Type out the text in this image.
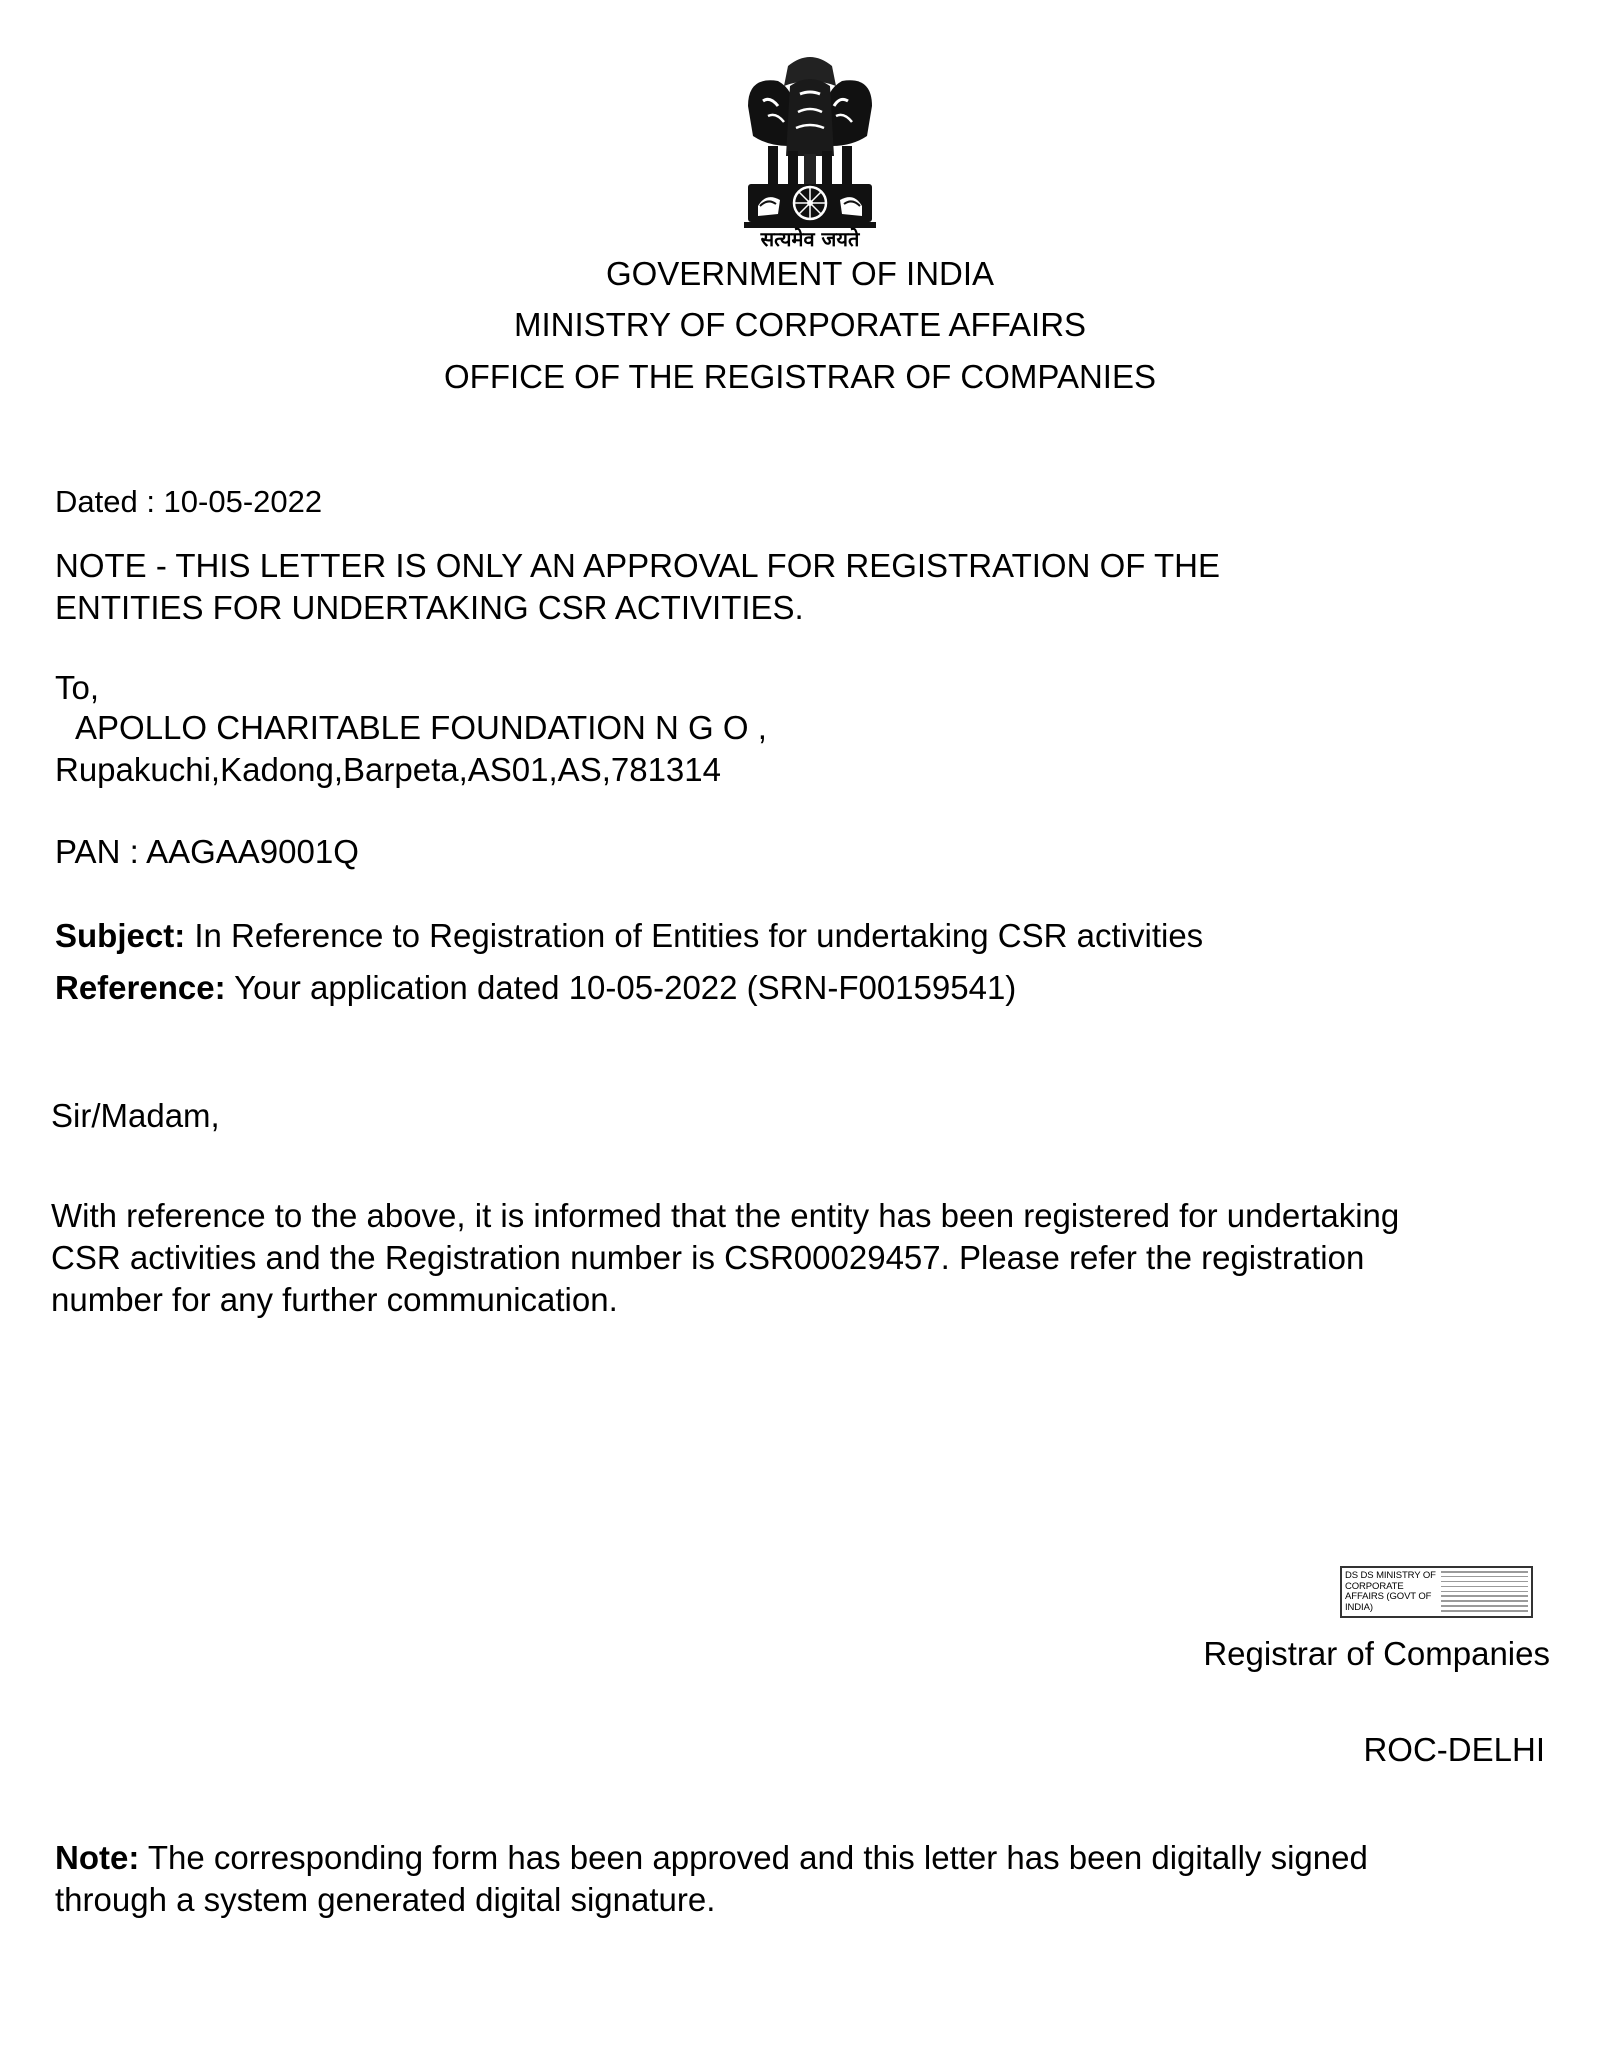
सत्यमेव जयते
GOVERNMENT OF INDIA
MINISTRY OF CORPORATE AFFAIRS
OFFICE OF THE REGISTRAR OF COMPANIES
Dated : 10-05-2022
NOTE - THIS LETTER IS ONLY AN APPROVAL FOR REGISTRATION OF THE
ENTITIES FOR UNDERTAKING CSR ACTIVITIES.
To,
APOLLO CHARITABLE FOUNDATION N G O ,
Rupakuchi,Kadong,Barpeta,AS01,AS,781314
PAN : AAGAA9001Q
Subject: In Reference to Registration of Entities for undertaking CSR activities
Reference: Your application dated 10-05-2022 (SRN-F00159541)
Sir/Madam,
With reference to the above, it is informed that the entity has been registered for undertaking
CSR activities and the Registration number is CSR00029457. Please refer the registration
number for any further communication.
DS DS MINISTRY OF CORPORATE AFFAIRS (GOVT OF INDIA)
Registrar of Companies
ROC-DELHI
Note: The corresponding form has been approved and this letter has been digitally signed
through a system generated digital signature.
